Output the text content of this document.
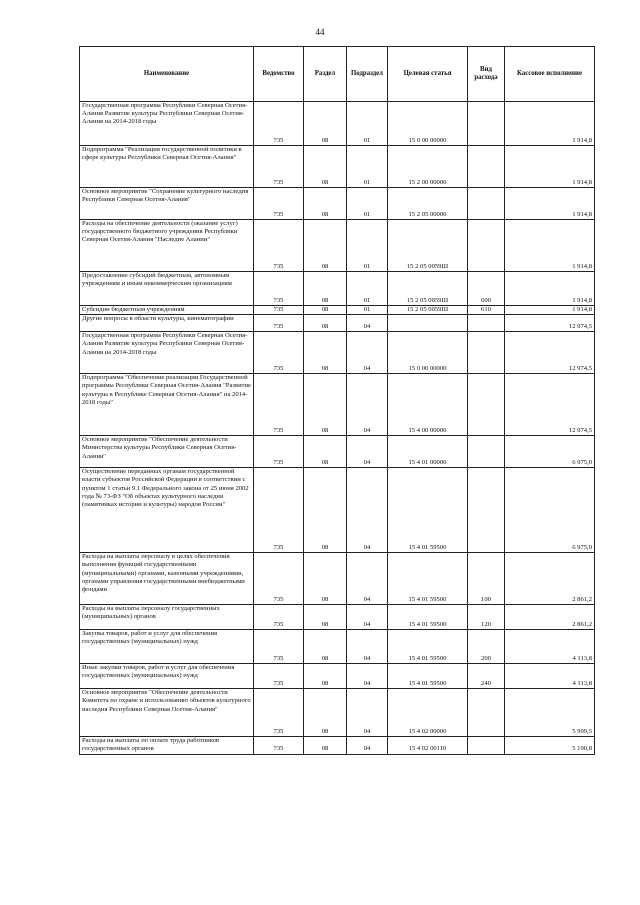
44
Наименование	Ведомство	Раздел	Подраздел	Целевая статья	Вид расхода	Кассовое исполнение
Государственная программа Республики Северная Осетия-Алания Развитие культуры Республики Северная Осетия-Алания на 2014-2018 годы	735	08	01	15 0 00 00000		1 914,8
Подпрограмма "Реализация государственной политики в сфере культуры Республики Северная Осетия-Алания"	735	08	01	15 2 00 00000		1 914,8
Основное мероприятие "Сохранение культурного наследия Республики Северная Осетия-Алания"	735	08	01	15 2 05 00000		1 914,8
Расходы на обеспечение деятельности (оказание услуг) государственного бюджетного учреждения Республики Северная Осетия-Алания "Наследие Алании"	735	08	01	15 2 05 0059Ш		1 914,8
Предоставление субсидий бюджетным, автономным учреждениям и иным некоммерческим организациям	735	08	01	15 2 05 0059Ш	600	1 914,8
Субсидии бюджетным учреждениям	735	08	01	15 2 05 0059Ш	610	1 914,8
Другие вопросы в области культуры, кинематографии	735	08	04			12 974,5
Государственная программа Республики Северная Осетия-Алания Развитие культуры Республики Северная Осетия-Алания на 2014-2018 годы	735	08	04	15 0 00 00000		12 974,5
Подпрограмма "Обеспечение реализации Государственной программы Республики Северная Осетия-Алания "Развитие культуры в Республике Северная Осетия-Алания" на 2014-2018 годы"	735	08	04	15 4 00 00000		12 974,5
Основное мероприятие "Обеспечение деятельности Министерства культуры Республики Северная Осетия-Алания"	735	08	04	15 4 01 00000		6 975,0
Осуществление переданных органам государственной власти субъектов Российской Федерации в соответствии с пунктом 1 статьи 9.1 Федерального закона от 25 июня 2002 года № 73-ФЗ "Об объектах культурного наследия (памятниках истории и культуры) народов России"	735	08	04	15 4 01 59500		6 975,0
Расходы на выплаты персоналу в целях обеспечения выполнения функций государственными (муниципальными) органами, казенными учреждениями, органами управления государственными внебюджетными фондами	735	08	04	15 4 01 59500	100	2 861,2
Расходы на выплаты персоналу государственных (муниципальных) органов	735	08	04	15 4 01 59500	120	2 861,2
Закупка товаров, работ и услуг для обеспечения государственных (муниципальных) нужд	735	08	04	15 4 01 59500	200	4 113,8
Иные закупки товаров, работ и услуг для обеспечения государственных (муниципальных) нужд	735	08	04	15 4 01 59500	240	4 113,8
Основное мероприятие "Обеспечение деятельности Комитета по охране и использованию объектов культурного наследия Республики Северная Осетия-Алания"	735	08	04	15 4 02 00000		5 999,5
Расходы на выплаты по оплате труда работников государственных органов	735	08	04	15 4 02 00110		5 190,8
